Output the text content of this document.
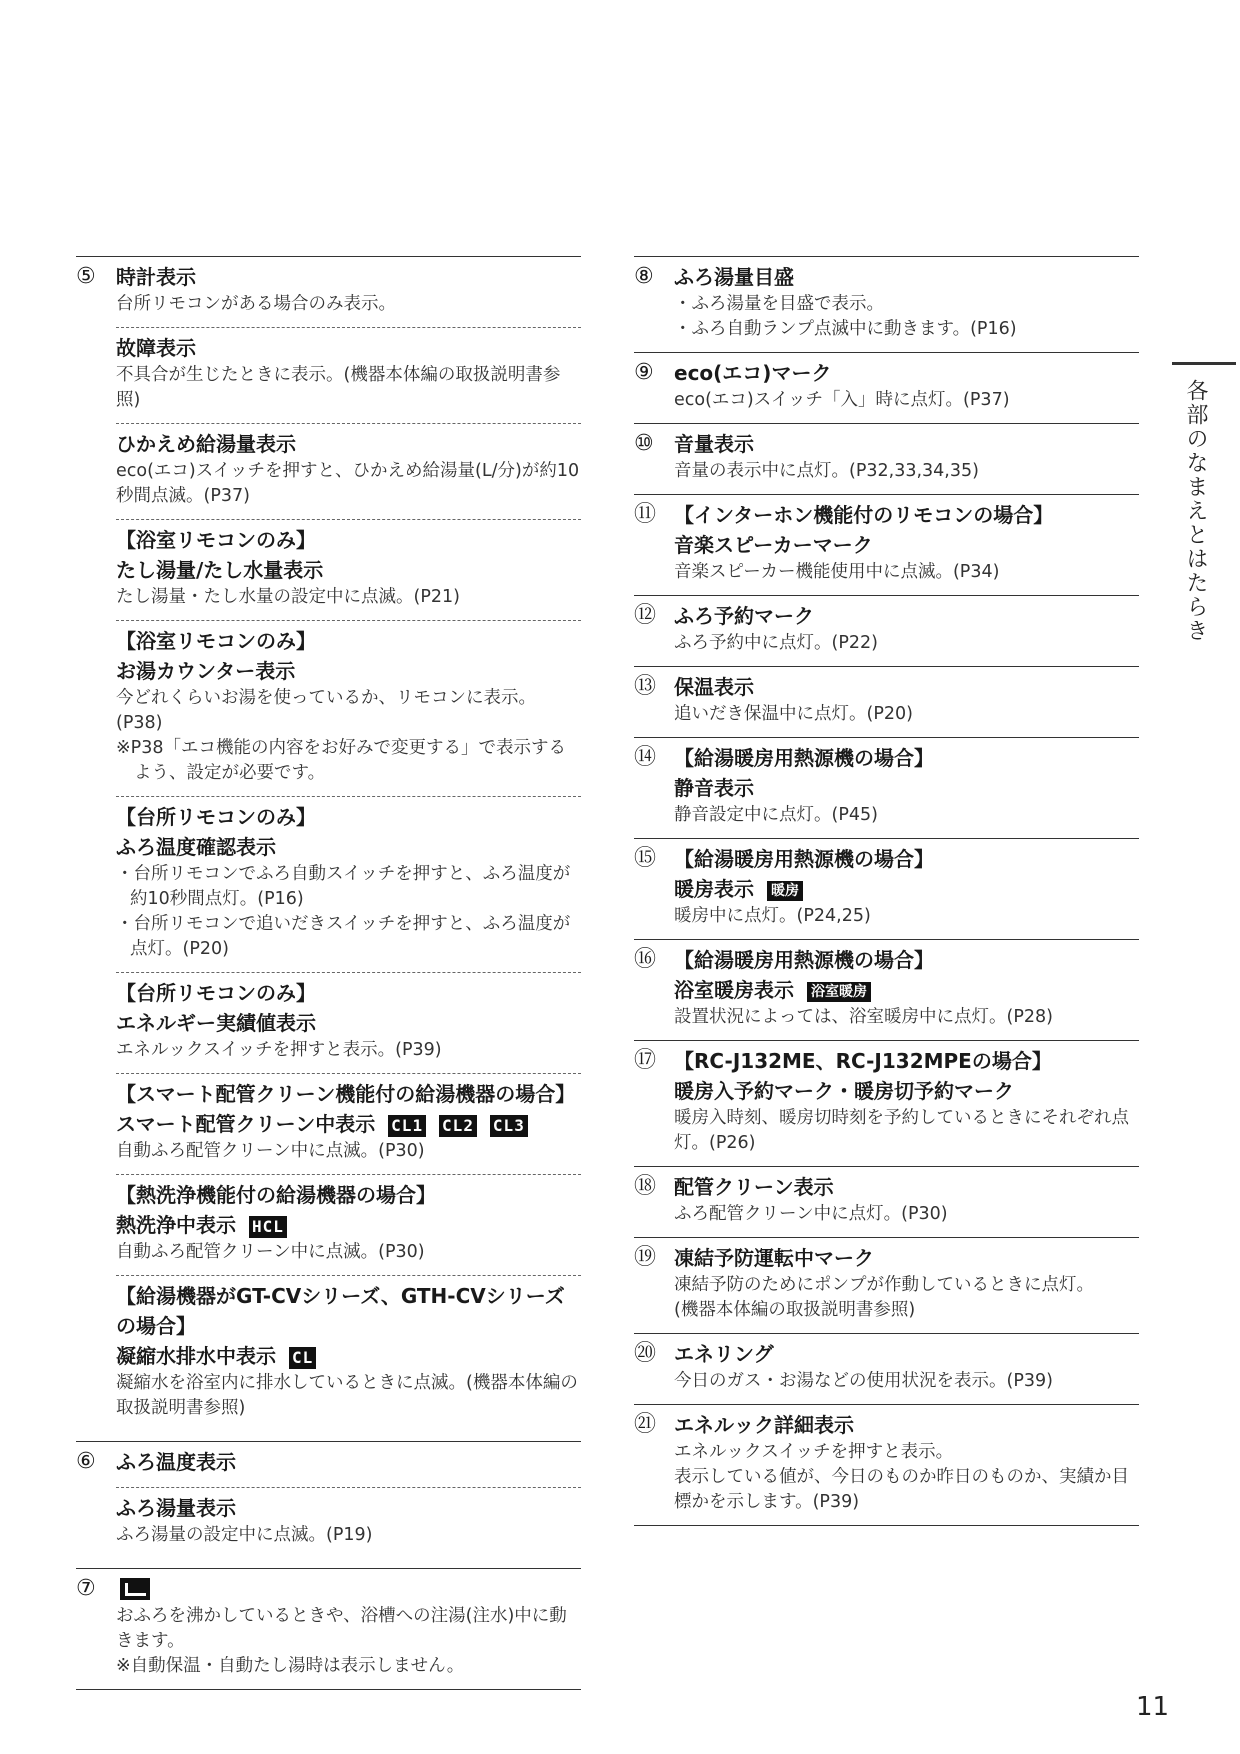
⑤	時計表示
台所リモコンがある場合のみ表示。
故障表示
不具合が生じたときに表示。(機器本体編の取扱説明書参照)
ひかえめ給湯量表示
eco(エコ)スイッチを押すと、ひかえめ給湯量(L/分)が約10秒間点滅。(P37)
【浴室リモコンのみ】
たし湯量/たし水量表示
たし湯量・たし水量の設定中に点滅。(P21)
【浴室リモコンのみ】
お湯カウンター表示
今どれくらいお湯を使っているか、リモコンに表示。(P38)
※P38「エコ機能の内容をお好みで変更する」で表示するよう、設定が必要です。
【台所リモコンのみ】
ふろ温度確認表示
・台所リモコンでふろ自動スイッチを押すと、ふろ温度が約10秒間点灯。(P16)
・台所リモコンで追いだきスイッチを押すと、ふろ温度が点灯。(P20)
【台所リモコンのみ】
エネルギー実績値表示
エネルックスイッチを押すと表示。(P39)
【スマート配管クリーン機能付の給湯機器の場合】
スマート配管クリーン中表示 CL1 CL2 CL3
自動ふろ配管クリーン中に点滅。(P30)
【熱洗浄機能付の給湯機器の場合】
熱洗浄中表示 HCL
自動ふろ配管クリーン中に点滅。(P30)
【給湯機器がGT-CVシリーズ、GTH-CVシリーズの場合】
凝縮水排水中表示 CL
凝縮水を浴室内に排水しているときに点滅。(機器本体編の取扱説明書参照)
⑥	ふろ温度表示
ふろ湯量表示
ふろ湯量の設定中に点滅。(P19)
⑦
おふろを沸かしているときや、浴槽への注湯(注水)中に動きます。
※自動保温・自動たし湯時は表示しません。
⑧	ふろ湯量目盛
・ふろ湯量を目盛で表示。
・ふろ自動ランプ点滅中に動きます。(P16)
⑨	eco(エコ)マーク
eco(エコ)スイッチ「入」時に点灯。(P37)
⑩	音量表示
音量の表示中に点灯。(P32,33,34,35)
⑪ 【インターホン機能付のリモコンの場合】
音楽スピーカーマーク
音楽スピーカー機能使用中に点滅。(P34)
⑫ ふろ予約マーク
ふろ予約中に点灯。(P22)
⑬ 保温表示
追いだき保温中に点灯。(P20)
⑭ 【給湯暖房用熱源機の場合】
静音表示
静音設定中に点灯。(P45)
⑮ 【給湯暖房用熱源機の場合】
暖房表示 暖房
暖房中に点灯。(P24,25)
⑯ 【給湯暖房用熱源機の場合】
浴室暖房表示 浴室暖房
設置状況によっては、浴室暖房中に点灯。(P28)
⑰ 【RC-J132ME、RC-J132MPEの場合】
暖房入予約マーク・暖房切予約マーク
暖房入時刻、暖房切時刻を予約しているときにそれぞれ点灯。(P26)
⑱ 配管クリーン表示
ふろ配管クリーン中に点灯。(P30)
⑲ 凍結予防運転中マーク
凍結予防のためにポンプが作動しているときに点灯。
(機器本体編の取扱説明書参照)
⑳ エネリング
今日のガス・お湯などの使用状況を表示。(P39)
㉑ エネルック詳細表示
エネルックスイッチを押すと表示。
表示している値が、今日のものか昨日のものか、実績か目標かを示します。(P39)
各部のなまえとはたらき
11
